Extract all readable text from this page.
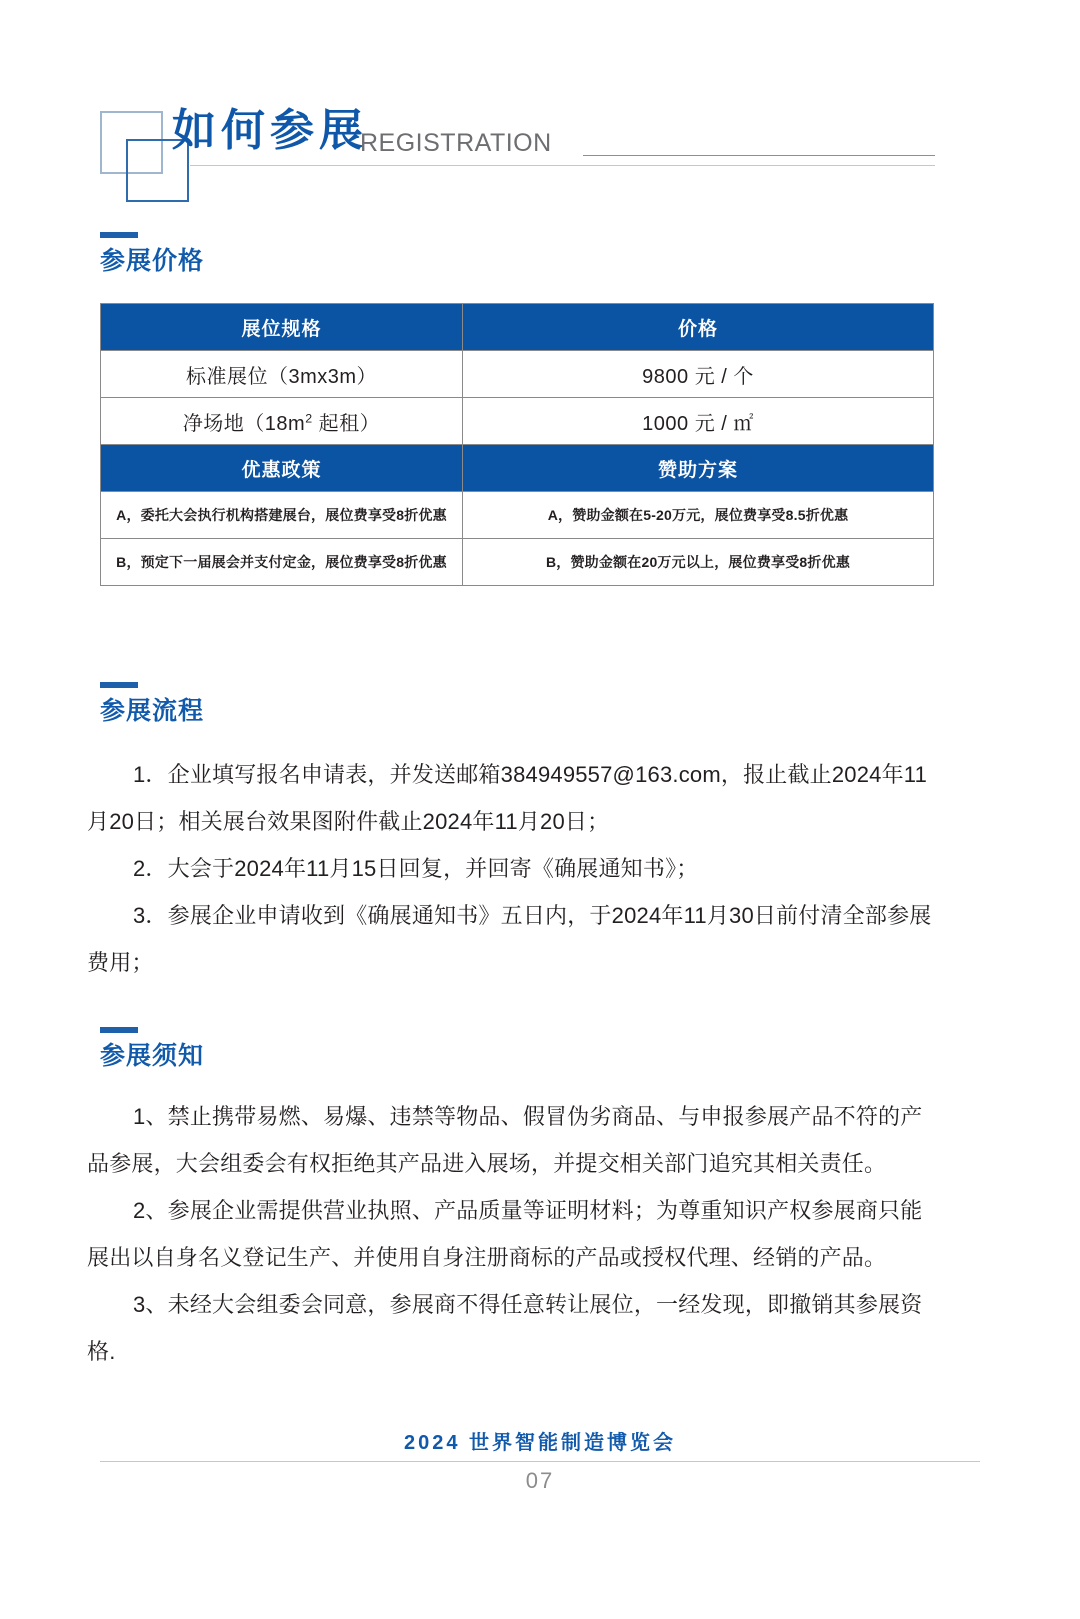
如何参展
REGISTRATION
参展价格
展位规格	价格
标准展位（3mx3m）	9800 元 / 个
净场地（$18m^2$ 起租）	1000 元 / ㎡
优惠政策	赞助方案
A，委托大会执行机构搭建展台，展位费享受8折优惠	A，赞助金额在5-20万元，展位费享受8.5折优惠
B，预定下一届展会并支付定金，展位费享受8折优惠	B，赞助金额在20万元以上，展位费享受8折优惠
参展流程

1．企业填写报名申请表，并发送邮箱384949557@163.com，报止截止2024年11月20日；相关展台效果图附件截止2024年11月20日；

2．大会于2024年11月15日回复，并回寄《确展通知书》；

3．参展企业申请收到《确展通知书》五日内，于2024年11月30日前付清全部参展费用；

参展须知

1、禁止携带易燃、易爆、违禁等物品、假冒伪劣商品、与申报参展产品不符的产品参展，大会组委会有权拒绝其产品进入展场，并提交相关部门追究其相关责任。

2、参展企业需提供营业执照、产品质量等证明材料；为尊重知识产权参展商只能展出以自身名义登记生产、并使用自身注册商标的产品或授权代理、经销的产品。

3、未经大会组委会同意，参展商不得任意转让展位，一经发现，即撤销其参展资格.

2024 世界智能制造博览会
07
